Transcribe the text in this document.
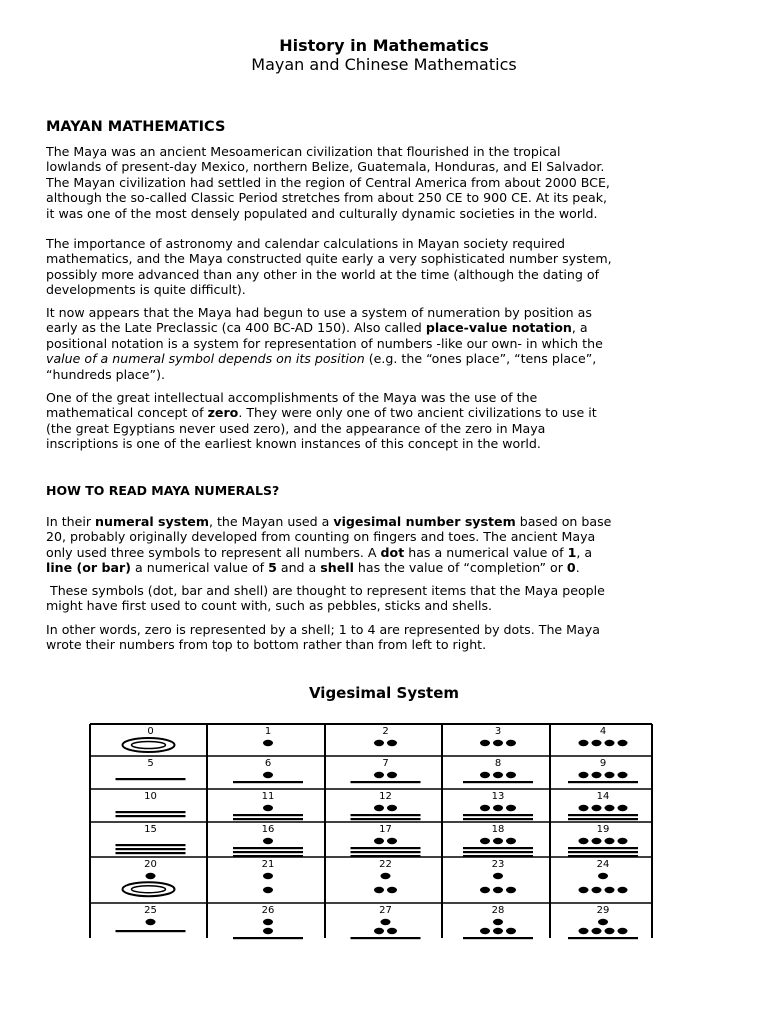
History in Mathematics
Mayan and Chinese Mathematics
MAYAN MATHEMATICS
The Maya was an ancient Mesoamerican civilization that flourished in the tropical
lowlands of present-day Mexico, northern Belize, Guatemala, Honduras, and El Salvador.
The Mayan civilization had settled in the region of Central America from about 2000 BCE,
although the so-called Classic Period stretches from about 250 CE to 900 CE. At its peak,
it was one of the most densely populated and culturally dynamic societies in the world.
The importance of astronomy and calendar calculations in Mayan society required
mathematics, and the Maya constructed quite early a very sophisticated number system,
possibly more advanced than any other in the world at the time (although the dating of
developments is quite difficult).
It now appears that the Maya had begun to use a system of numeration by position as
early as the Late Preclassic (ca 400 BC-AD 150). Also called place-value notation, a
positional notation is a system for representation of numbers -like our own- in which the
value of a numeral symbol depends on its position (e.g. the “ones place”, “tens place”,
“hundreds place”).
One of the great intellectual accomplishments of the Maya was the use of the
mathematical concept of zero. They were only one of two ancient civilizations to use it
(the great Egyptians never used zero), and the appearance of the zero in Maya
inscriptions is one of the earliest known instances of this concept in the world.
HOW TO READ MAYA NUMERALS?
In their numeral system, the Mayan used a vigesimal number system based on base
20, probably originally developed from counting on fingers and toes. The ancient Maya
only used three symbols to represent all numbers. A dot has a numerical value of 1, a
line (or bar) a numerical value of 5 and a shell has the value of “completion” or 0.
These symbols (dot, bar and shell) are thought to represent items that the Maya people
might have first used to count with, such as pebbles, sticks and shells.
In other words, zero is represented by a shell; 1 to 4 are represented by dots. The Maya
wrote their numbers from top to bottom rather than from left to right.
Vigesimal System
0	1	2	3	4
5	6	7	8	9
10	11	12	13	14
15	16	17	18	19
20	21	22	23	24
25	26	27	28	29
